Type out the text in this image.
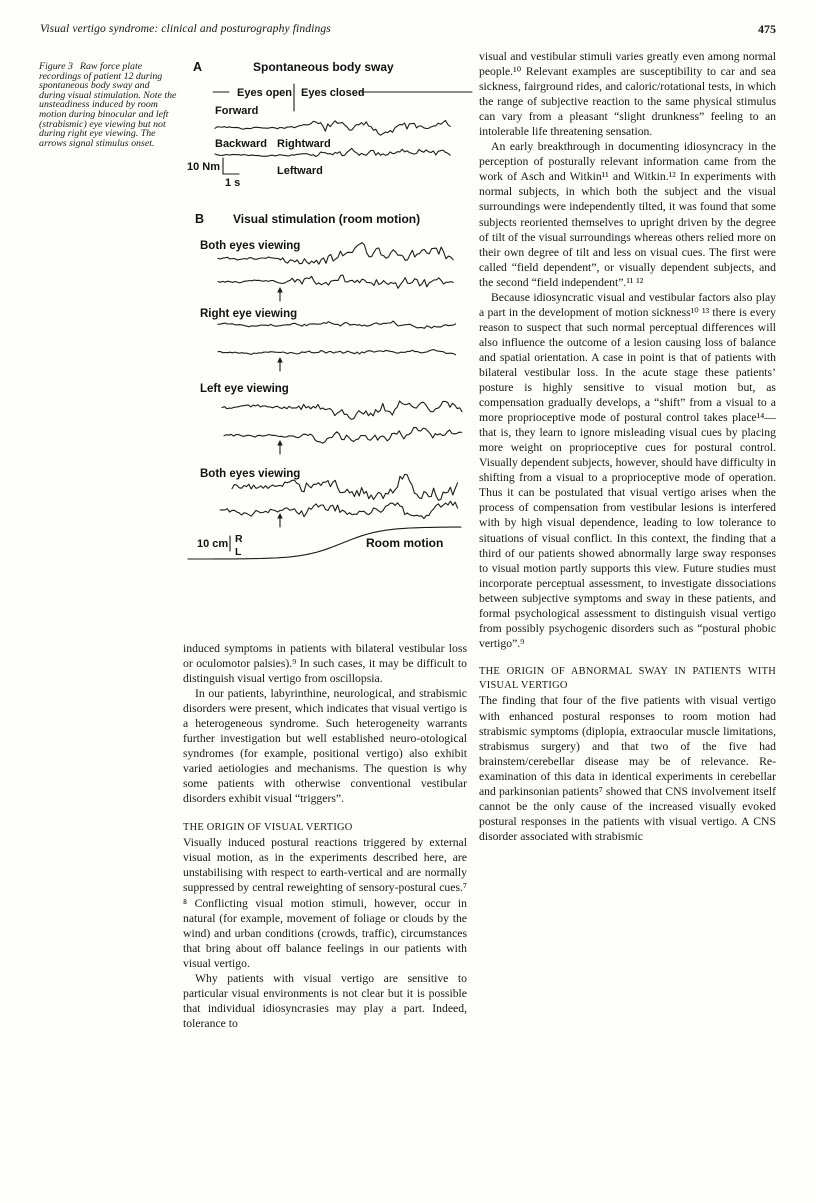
Visual vertigo syndrome: clinical and posturography findings	475
Figure 3 Raw force plate recordings of patient 12 during spontaneous body sway and during visual stimulation. Note the unsteadiness induced by room motion during binocular and left (strabismic) eye viewing but not during right eye viewing. The arrows signal stimulus onset.
A	Spontaneous body sway
Eyes open Eyes closed
Forward
Backward Rightward
Leftward
10 Nm
1 s
B Visual stimulation (room motion)
Both eyes viewing
Right eye viewing
Left eye viewing
Both eyes viewing
10 cm R
L
Room motion

induced symptoms in patients with bilateral vestibular loss or oculomotor palsies).⁹ In such cases, it may be difficult to distinguish visual vertigo from oscillopsia.

In our patients, labyrinthine, neurological, and strabismic disorders were present, which indicates that visual vertigo is a heterogeneous syndrome. Such heterogeneity warrants further investigation but well established neuro-otological syndromes (for example, positional vertigo) also exhibit varied aetiologies and mechanisms. The question is why some patients with otherwise conventional vestibular disorders exhibit visual “triggers”.

THE ORIGIN OF VISUAL VERTIGO

Visually induced postural reactions triggered by external visual motion, as in the experiments described here, are unstabilising with respect to earth-vertical and are normally suppressed by central reweighting of sensory-postural cues.⁷ ⁸ Conflicting visual motion stimuli, however, occur in natural (for example, movement of foliage or clouds by the wind) and urban conditions (crowds, traffic), circumstances that bring about off balance feelings in our patients with visual vertigo.

Why patients with visual vertigo are sensitive to particular visual environments is not clear but it is possible that individual idiosyncrasies may play a part. Indeed, tolerance to

visual and vestibular stimuli varies greatly even among normal people.¹⁰ Relevant examples are susceptibility to car and sea sickness, fairground rides, and caloric/rotational tests, in which the range of subjective reaction to the same physical stimulus can vary from a pleasant “slight drunkness” feeling to an intolerable life threatening sensation.

An early breakthrough in documenting idiosyncracy in the perception of posturally relevant information came from the work of Asch and Witkin¹¹ and Witkin.¹² In experiments with normal subjects, in which both the subject and the visual surroundings were independently tilted, it was found that some subjects reoriented themselves to upright driven by the degree of tilt of the visual surroundings whereas others relied more on their own degree of tilt and less on visual cues. The first were called “field dependent”, or visually dependent subjects, and the second “field independent”.¹¹ ¹²

Because idiosyncratic visual and vestibular factors also play a part in the development of motion sickness¹⁰ ¹³ there is every reason to suspect that such normal perceptual differences will also influence the outcome of a lesion causing loss of balance and spatial orientation. A case in point is that of patients with bilateral vestibular loss. In the acute stage these patients’ posture is highly sensitive to visual motion but, as compensation gradually develops, a “shift” from a visual to a more proprioceptive mode of postural control takes place¹⁴—that is, they learn to ignore misleading visual cues by placing more weight on proprioceptive cues for postural control. Visually dependent subjects, however, should have difficulty in shifting from a visual to a proprioceptive mode of operation. Thus it can be postulated that visual vertigo arises when the process of compensation from vestibular lesions is interfered with by high visual dependence, leading to low tolerance to situations of visual conflict. In this context, the finding that a third of our patients showed abnormally large sway responses to visual motion partly supports this view. Future studies must incorporate perceptual assessment, to investigate dissociations between subjective symptoms and sway in these patients, and formal psychological assessment to distinguish visual vertigo from possibly psychogenic disorders such as “postural phobic vertigo”.⁹

THE ORIGIN OF ABNORMAL SWAY IN PATIENTS WITH VISUAL VERTIGO

The finding that four of the five patients with visual vertigo with enhanced postural responses to room motion had strabismic symptoms (diplopia, extraocular muscle limitations, strabismus surgery) and that two of the five had brainstem/cerebellar disease may be of relevance. Re-examination of this data in identical experiments in cerebellar and parkinsonian patients⁷ showed that CNS involvement itself cannot be the only cause of the increased visually evoked postural responses in the patients with visual vertigo. A CNS disorder associated with strabismic
